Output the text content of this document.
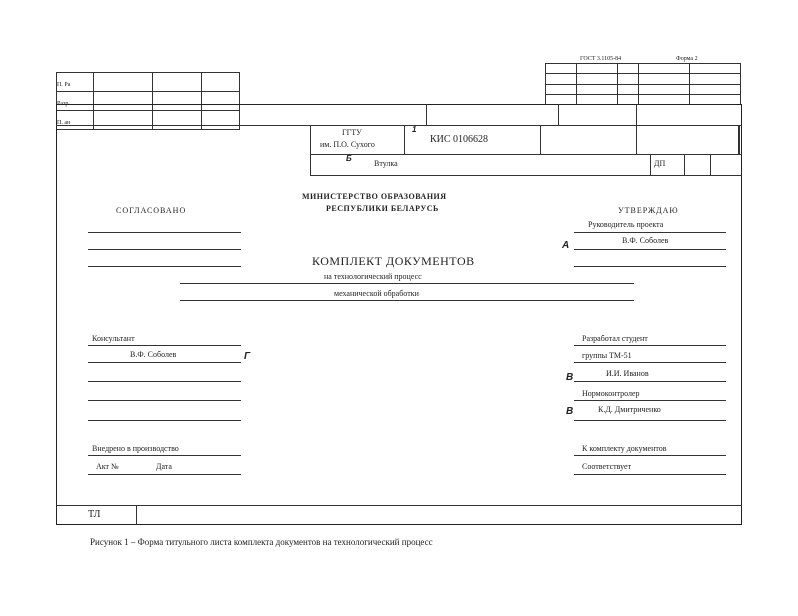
П. Ра			
Разр.			
П. ан			
ГОСТ 3.1105-84	Форма 2

ГГТУ
им. П.О. Сухого
1
КИС 0106628
Б
Втулка	ДП
СОГЛАСОВАНО
МИНИСТЕРСТВО ОБРАЗОВАНИЯ
РЕСПУБЛИКИ БЕЛАРУСЬ	УТВЕРЖДАЮ
Руководитель проекта
А	В.Ф. Соболев
КОМПЛЕКТ ДОКУМЕНТОВ
на технологический процесс
механической обработки
Консультант
В.Ф. Соболев	Г
Внедрено в производство
Акт №	Дата
Разработал студент
группы ТМ-51
В	И.И. Иванов
Нормоконтролер
В	К.Д. Дмитриченко
К комплекту документов
Соответствует
ТЛ
Рисунок 1 – Форма титульного листа комплекта документов на технологический процесс
